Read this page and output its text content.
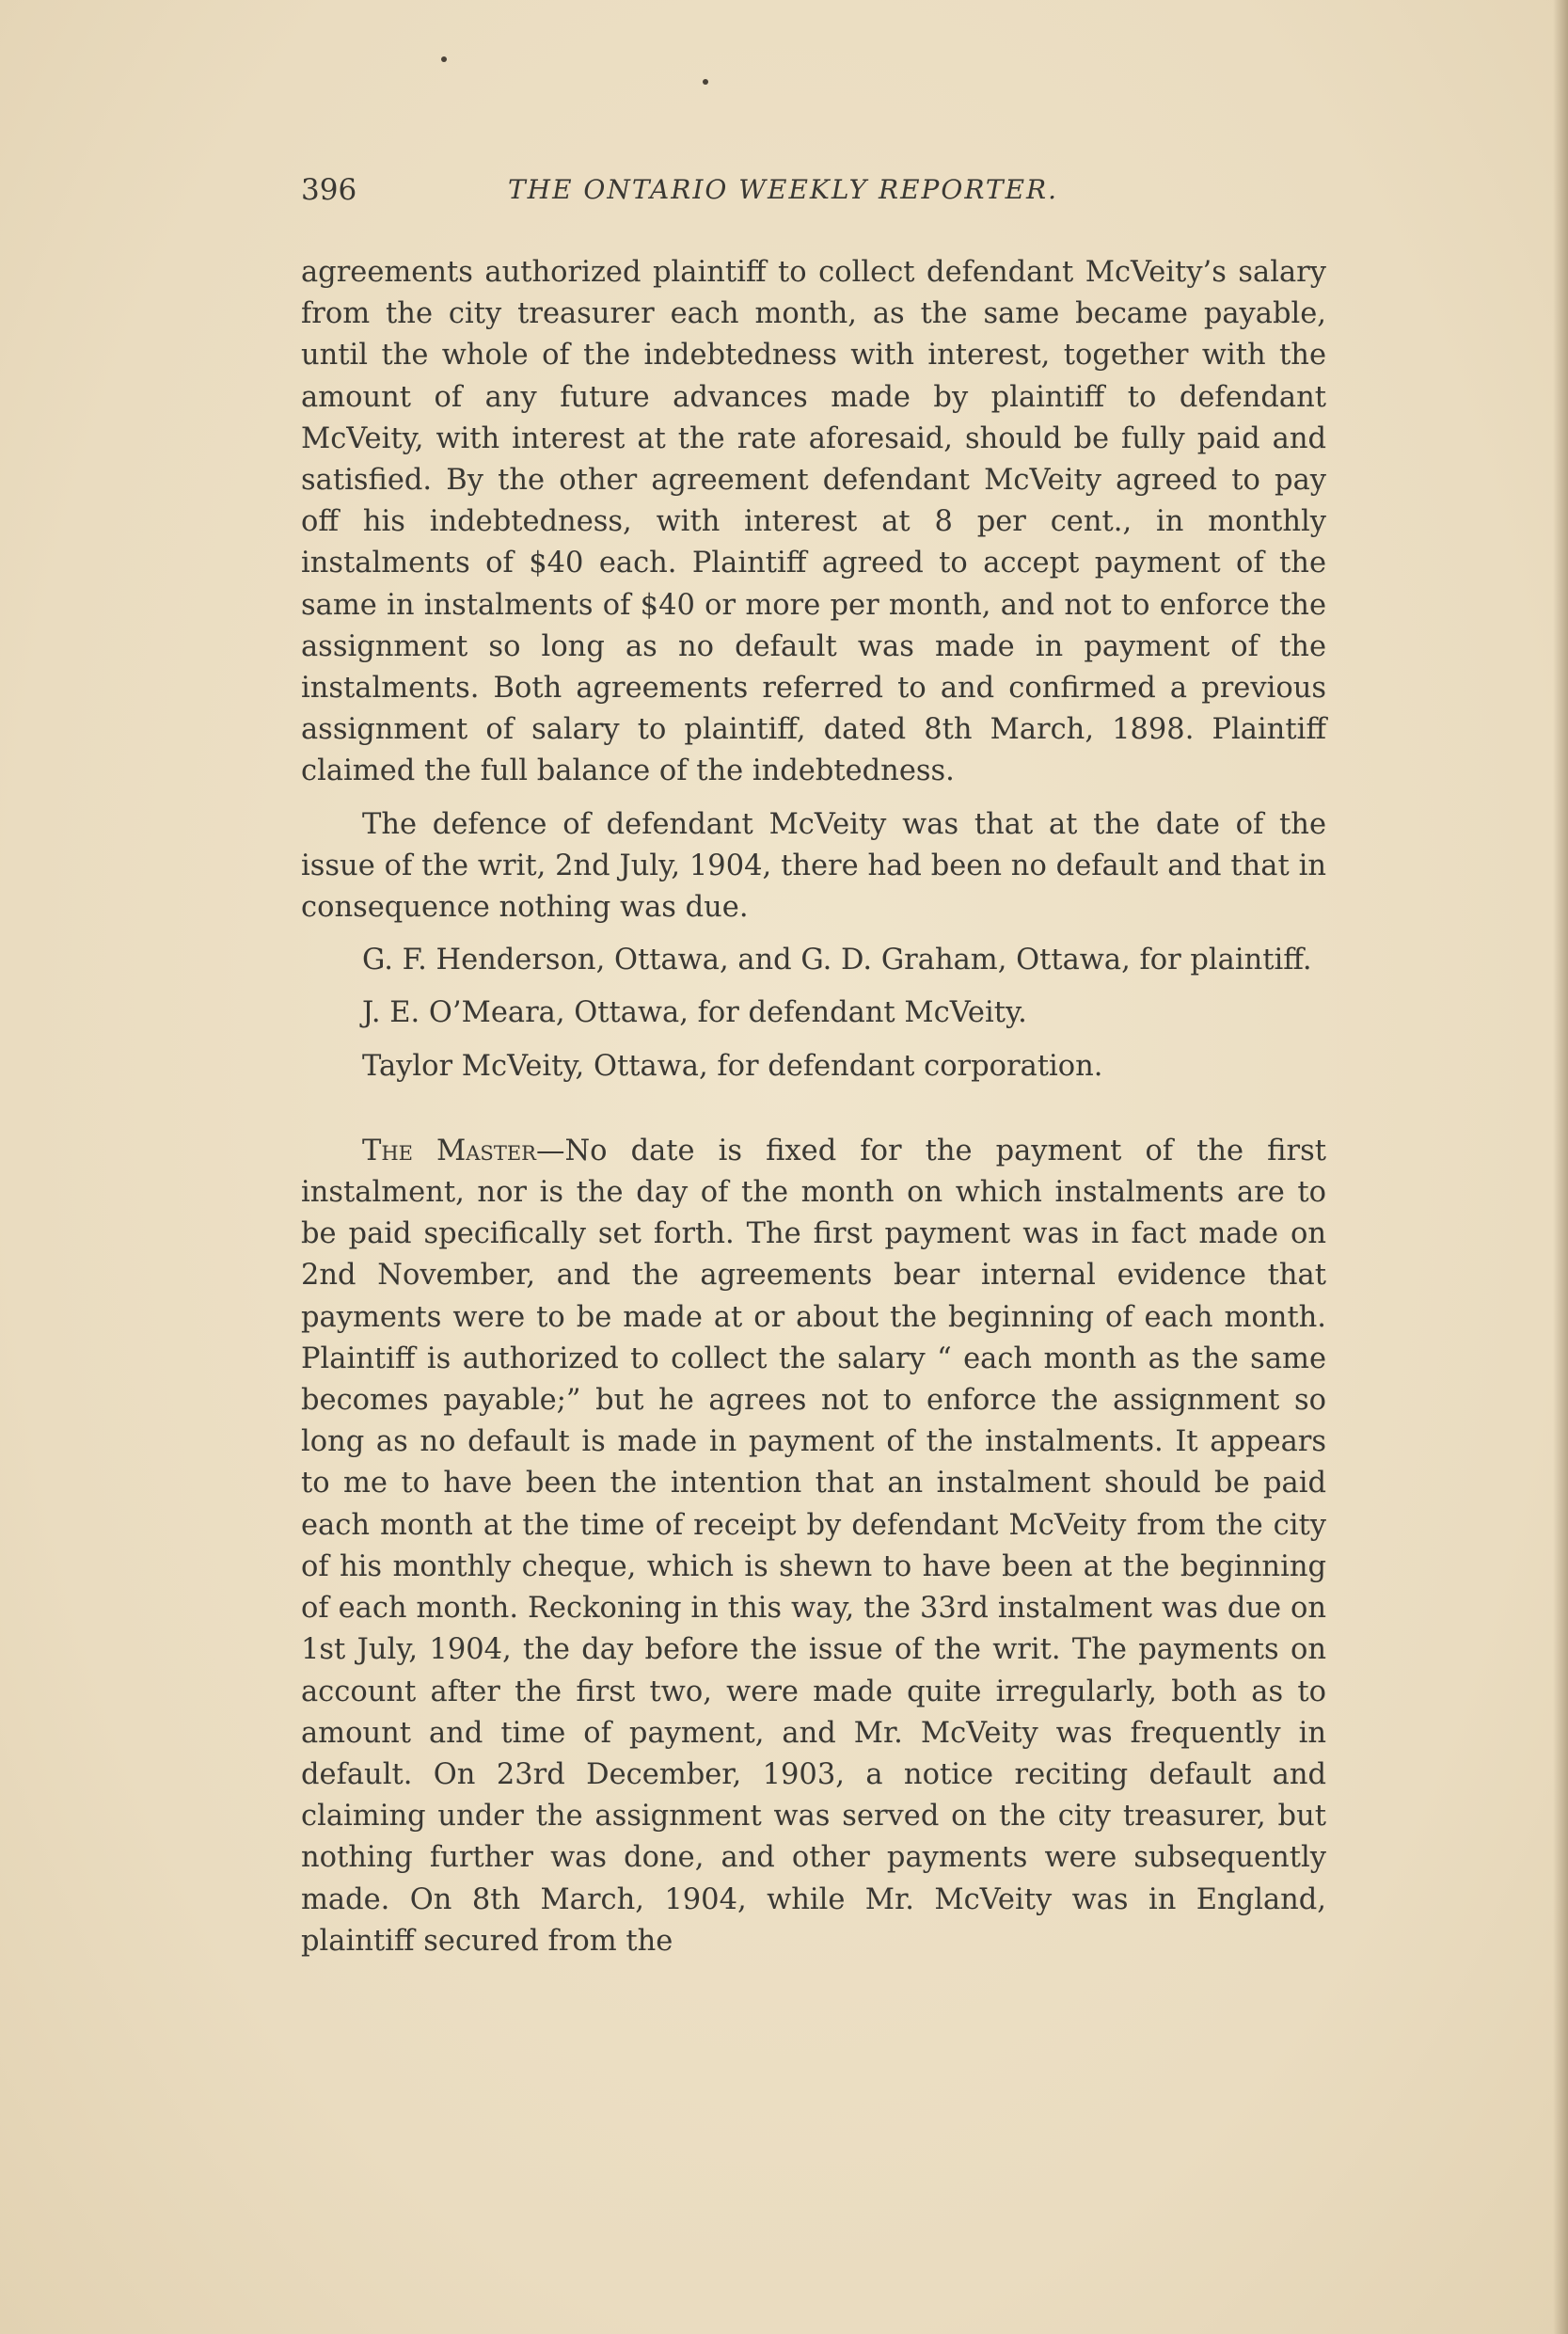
396	THE ONTARIO WEEKLY REPORTER.

agreements authorized plaintiff to collect defendant McVeity’s salary from the city treasurer each month, as the same became payable, until the whole of the indebtedness with interest, together with the amount of any future advances made by plaintiff to defendant McVeity, with interest at the rate aforesaid, should be fully paid and satisfied. By the other agreement defendant McVeity agreed to pay off his indebtedness, with interest at 8 per cent., in monthly instalments of $40 each. Plaintiff agreed to accept payment of the same in instalments of $40 or more per month, and not to enforce the assignment so long as no default was made in payment of the instalments. Both agreements referred to and confirmed a previous assignment of salary to plaintiff, dated 8th March, 1898. Plaintiff claimed the full balance of the indebtedness.

The defence of defendant McVeity was that at the date of the issue of the writ, 2nd July, 1904, there had been no default and that in consequence nothing was due.

G. F. Henderson, Ottawa, and G. D. Graham, Ottawa, for plaintiff.

J. E. O’Meara, Ottawa, for defendant McVeity.

Taylor McVeity, Ottawa, for defendant corporation.

The Master—No date is fixed for the payment of the first instalment, nor is the day of the month on which instalments are to be paid specifically set forth. The first payment was in fact made on 2nd November, and the agreements bear internal evidence that payments were to be made at or about the beginning of each month. Plaintiff is authorized to collect the salary “ each month as the same becomes payable;” but he agrees not to enforce the assignment so long as no default is made in payment of the instalments. It appears to me to have been the intention that an instalment should be paid each month at the time of receipt by defendant McVeity from the city of his monthly cheque, which is shewn to have been at the beginning of each month. Reckoning in this way, the 33rd instalment was due on 1st July, 1904, the day before the issue of the writ. The payments on account after the first two, were made quite irregularly, both as to amount and time of payment, and Mr. McVeity was frequently in default. On 23rd December, 1903, a notice reciting default and claiming under the assignment was served on the city treasurer, but nothing further was done, and other payments were subsequently made. On 8th March, 1904, while Mr. McVeity was in England, plaintiff secured from the
